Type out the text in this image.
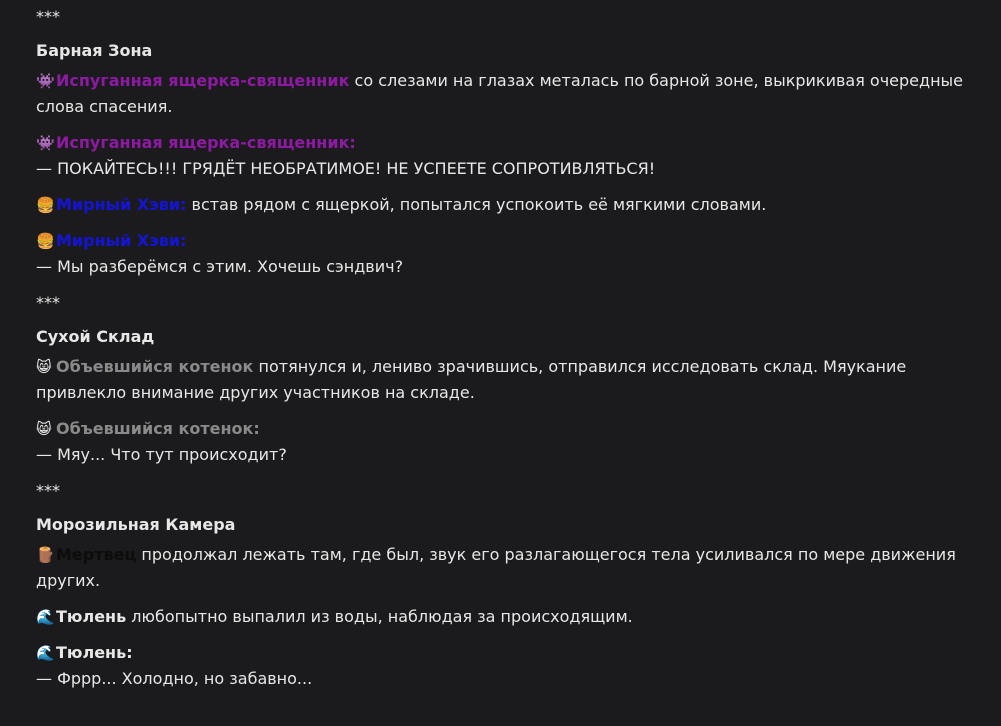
***
Барная Зона
👾Испуганная ящерка-священник со слезами на глазах металась по барной зоне, выкрикивая очередные слова спасения.
👾Испуганная ящерка-священник:
— ПОКАЙТЕСЬ!!! ГРЯДЁТ НЕОБРАТИМОЕ! НЕ УСПЕЕТЕ СОПРОТИВЛЯТЬСЯ!
🍔Мирный Хэви: встав рядом с ящеркой, попытался успокоить её мягкими словами.
🍔Мирный Хэви:
— Мы разберёмся с этим. Хочешь сэндвич?
***
Сухой Склад
😸 Объевшийся котенок потянулся и, лениво зрачившись, отправился исследовать склад. Мяукание привлекло внимание других участников на складе.
😸 Объевшийся котенок:
— Мяу... Что тут происходит?
***
Морозильная Камера
🪵Мертвец продолжал лежать там, где был, звук его разлагающегося тела усиливался по мере движения других.
🌊Тюлень любопытно выпалил из воды, наблюдая за происходящим.
🌊Тюлень:
— Фррр... Холодно, но забавно...
